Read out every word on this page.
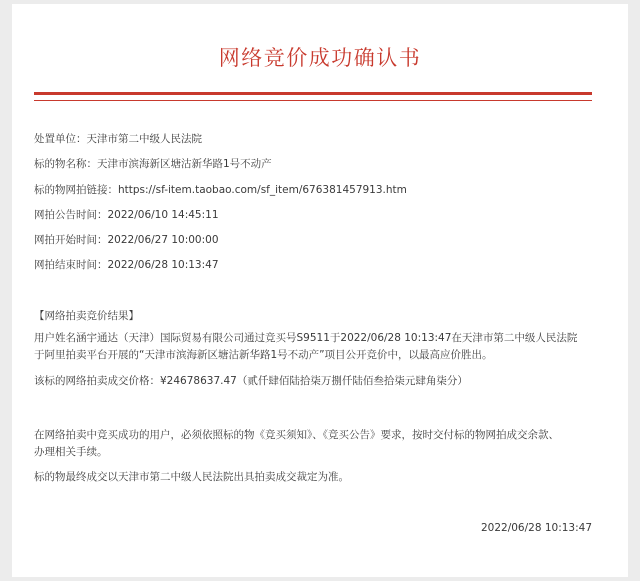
网络竞价成功确认书
处置单位：天津市第二中级人民法院
标的物名称：天津市滨海新区塘沽新华路1号不动产
标的物网拍链接：https://sf-item.taobao.com/sf_item/676381457913.htm
网拍公告时间：2022/06/10 14:45:11
网拍开始时间：2022/06/27 10:00:00
网拍结束时间：2022/06/28 10:13:47
【网络拍卖竞价结果】
用户姓名涵宇通达（天津）国际贸易有限公司通过竞买号S9511于2022/06/28 10:13:47在天津市第二中级人民法院
于阿里拍卖平台开展的“天津市滨海新区塘沽新华路1号不动产”项目公开竞价中，以最高应价胜出。
该标的网络拍卖成交价格：¥24678637.47（贰仟肆佰陆拾柒万捌仟陆佰叁拾柒元肆角柒分）
在网络拍卖中竞买成功的用户，必须依照标的物《竞买须知》、《竞买公告》要求，按时交付标的物网拍成交余款、
办理相关手续。
标的物最终成交以天津市第二中级人民法院出具拍卖成交裁定为准。
2022/06/28 10:13:47
